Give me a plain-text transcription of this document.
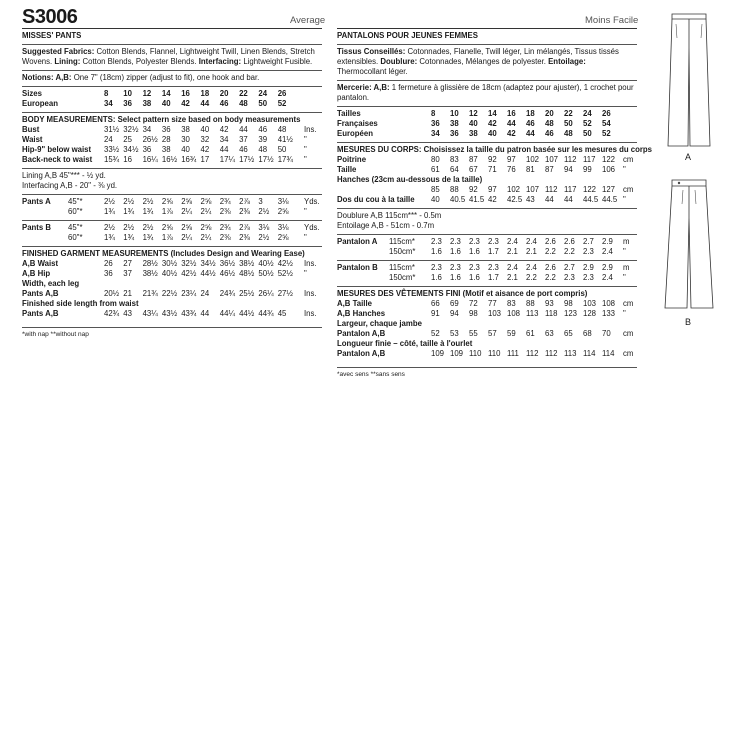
S3006	Average	Moins Facile
MISSES' PANTS
Suggested Fabrics: Cotton Blends, Flannel, Lightweight Twill, Linen Blends, Stretch Wovens. Lining: Cotton Blends, Polyester Blends. Interfacing: Lightweight Fusible.
Notions: A,B: One 7" (18cm) zipper (adjust to fit), one hook and bar.
Sizes	8	10	12	14	16	18	20	22	24	26
European	34	36	38	40	42	44	46	48	50	52
BODY MEASUREMENTS: Select pattern size based on body measurements
Bust	31½ 32½ 34	36	38	40	42	44	46	48	Ins.
Waist	24	25	26½ 28	30	32	34	37	39	41½	"
Hip-9" below waist 33½ 34½ 36	38	40	42	44	46	48	50	"
Back-neck to waist 15¾ 16	16¼ 16½ 16¾ 17	17¼ 17½ 17½ 17¾	"
Lining A,B 45"*** - ½ yd.
Interfacing A,B - 20" - ⅜ yd.
Pants A 45"*	2½	2½	2½	2⅝	2⅝	2⅝	2¾	2⅞	3	3⅛	Yds.
60"*	1¾	1¾	1¾	1⅞	2¼	2¼	2⅜	2⅜	2½	2⅝	"
Pants B 45"*	2½	2½	2½	2⅝	2⅝	2⅝	2¾	2⅞	3⅛	3⅛	Yds.
60"*	1¾	1¾	1¾	1⅞	2¼	2¼	2⅜	2⅜	2½	2⅝	"
FINISHED GARMENT MEASUREMENTS (Includes Design and Wearing Ease)
A,B Waist	26	27	28½ 30½ 32½ 34½ 36½ 38½ 40½ 42½	Ins.
A,B Hip	36	37	38½ 40½ 42½ 44½ 46½ 48½ 50½ 52½	"
Width, each leg
Pants A,B	20½ 21	21¾ 22½ 23¼ 24	24¾ 25½ 26¼ 27½	Ins.
Finished side length from waist
Pants A,B	42¾ 43	43¼ 43½ 43¾ 44	44¼ 44½ 44¾ 45	Ins.
*with nap **without nap
PANTALONS POUR JEUNES FEMMES
Tissus Conseillés: Cotonnades, Flanelle, Twill léger, Lin mélangés, Tissus tissés extensibles. Doublure: Cotonnades, Mélanges de polyester. Entoilage: Thermocollant léger.
Mercerie: A,B: 1 fermeture à glissière de 18cm (adaptez pour ajuster), 1 crochet pour pantalon.
Tailles	8	10	12	14	16	18	20	22	24	26
Françaises	36	38	40	42	44	46	48	50	52	54
Européen	34	36	38	40	42	44	46	48	50	52
MESURES DU CORPS: Choisissez la taille du patron basée sur les mesures du corps
Poitrine	80	83	87	92	97	102 107 112 117 122	cm
Taille	61	64	67	71	76	81	87	94	99	106	"
Hanches (23cm au-dessous de la taille)
85	88	92	97	102 107 112 117 122 127	cm
Dos du cou à la taille 40	40.5 41.5 42	42.5 43	44	44	44.5 44.5 "
Doublure A,B 115cm*** - 0.5m
Entoilage A,B - 51cm - 0.7m
Pantalon A 115cm* 2.3	2.3	2.3	2.3	2.4	2.4	2.6	2.6	2.7	2.9	m
150cm* 1.6	1.6	1.6	1.7	2.1	2.1	2.2	2.2	2.3	2.4	"
Pantalon B 115cm* 2.3	2.3	2.3	2.3	2.4	2.4	2.6	2.7	2.9	2.9	m
150cm* 1.6	1.6	1.6	1.7	2.1	2.2	2.2	2.3	2.3	2.4	"
MESURES DES VÊTEMENTS FINI (Motif et aisance de port compris)
A,B Taille	66	69	72	77	83	88	93	98	103 108	cm
A,B Hanches	91	94	98	103 108 113 118 123 128 133	"
Largeur, chaque jambe
Pantalon A,B	52	53	55	57	59	61	63	65	68	70	cm
Longueur finie – côté, taille à l'ourlet
Pantalon A,B	109 109 110 110 111 112 112 113 114 114	cm
*avec sens **sans sens
A
B
